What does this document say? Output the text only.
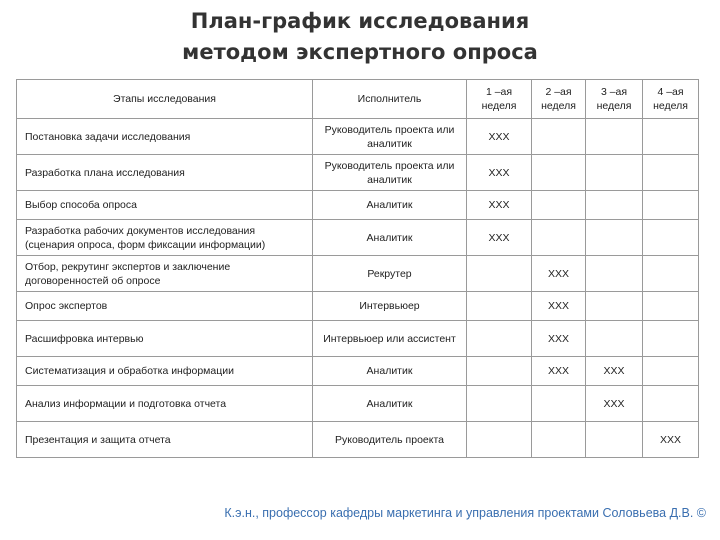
План-график исследования
методом экспертного опроса
Этапы исследования	Исполнитель	1 –ая неделя	2 –ая неделя	3 –ая неделя	4 –ая неделя
Постановка задачи исследования	Руководитель проекта или аналитик	XXX			
Разработка плана исследования	Руководитель проекта или аналитик	XXX			
Выбор способа опроса	Аналитик	XXX			
Разработка рабочих документов исследования (сценария опроса, форм фиксации информации)	Аналитик	XXX			
Отбор, рекрутинг экспертов и заключение договоренностей об опросе	Рекрутер		XXX		
Опрос экспертов	Интервьюер		XXX		
Расшифровка интервью	Интервьюер или ассистент		XXX		
Систематизация и обработка информации	Аналитик		XXX	XXX	
Анализ информации и подготовка отчета	Аналитик			XXX	
Презентация и защита отчета	Руководитель проекта				XXX
К.э.н., профессор кафедры маркетинга и управления проектами Соловьева Д.В. ©
